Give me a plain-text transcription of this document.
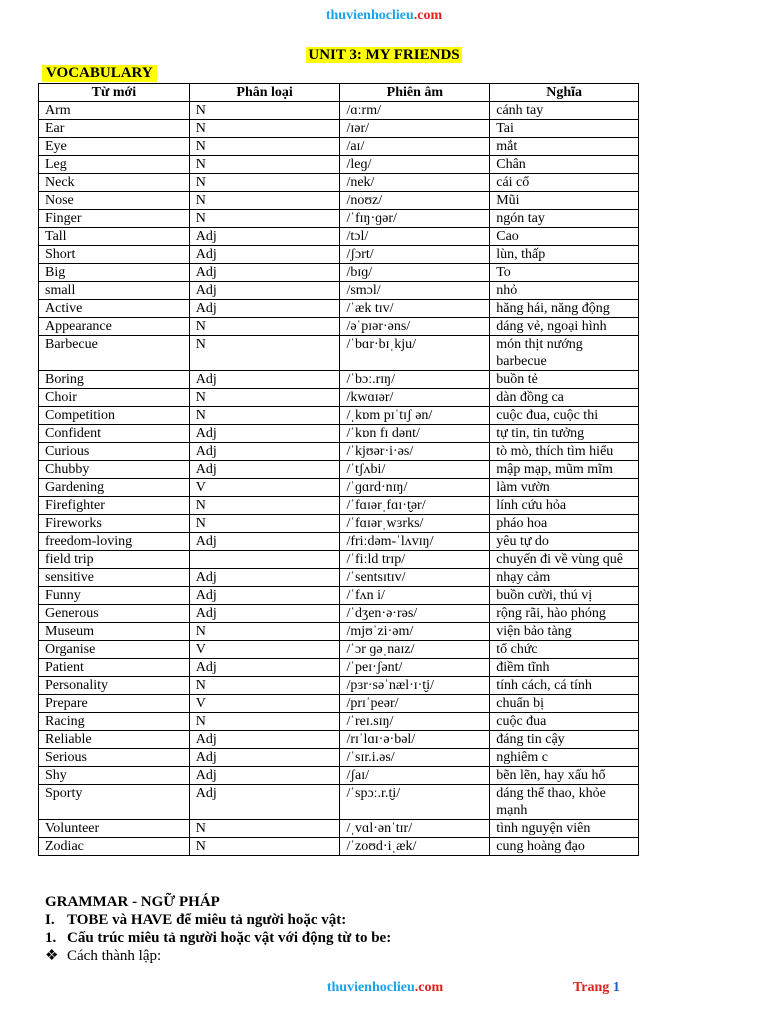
thuvienhoclieu.com
UNIT 3: MY FRIENDS
VOCABULARY
Từ mới	Phân loại	Phiên âm	Nghĩa
Arm	N	/ɑːrm/	cánh tay
Ear	N	/ɪər/	Tai
Eye	N	/aɪ/	mắt
Leg	N	/leɡ/	Chân
Neck	N	/nek/	cái cổ
Nose	N	/noʊz/	Mũi
Finger	N	/ˈfɪŋ·ɡər/	ngón tay
Tall	Adj	/tɔl/	Cao
Short	Adj	/ʃɔrt/	lùn, thấp
Big	Adj	/bɪɡ/	To
small	Adj	/smɔl/	nhỏ
Active	Adj	/ˈæk tɪv/	hăng hái, năng động
Appearance	N	/əˈpɪər·əns/	dáng vẻ, ngoại hình
Barbecue	N	/ˈbɑr·bɪˌkju/	món thịt nướng barbecue
Boring	Adj	/ˈbɔː.rɪŋ/	buồn tẻ
Choir	N	/kwɑɪər/	dàn đồng ca
Competition	N	/ˌkɒm pɪˈtɪʃ ən/	cuộc đua, cuộc thi
Confident	Adj	/ˈkɒn fɪ dənt/	tự tin, tin tưởng
Curious	Adj	/ˈkjʊər·i·əs/	tò mò, thích tìm hiểu
Chubby	Adj	/ˈtʃʌbi/	mập mạp, mũm mĩm
Gardening	V	/ˈɡɑrd·nɪŋ/	làm vườn
Firefighter	N	/ˈfɑɪərˌfɑɪ·t̬ər/	lính cứu hỏa
Fireworks	N	/ˈfɑɪərˌwɜrks/	pháo hoa
freedom-loving	Adj	/friːdəm-ˈlʌvɪŋ/	yêu tự do
field trip		/ˈfiːld trɪp/	chuyến đi về vùng quê
sensitive	Adj	/ˈsentsɪtɪv/	nhạy cảm
Funny	Adj	/ˈfʌn i/	buồn cười, thú vị
Generous	Adj	/ˈdʒen·ə·rəs/	rộng rãi, hào phóng
Museum	N	/mjʊˈzi·əm/	viện bảo tàng
Organise	V	/ˈɔr ɡəˌnaɪz/	tổ chức
Patient	Adj	/ˈpeɪ·ʃənt/	điềm tĩnh
Personality	N	/pɜr·səˈnæl·ɪ·t̬i/	tính cách, cá tính
Prepare	V	/prɪˈpeər/	chuẩn bị
Racing	N	/ˈreɪ.sɪŋ/	cuộc đua
Reliable	Adj	/rɪˈlɑɪ·ə·bəl/	đáng tin cậy
Serious	Adj	/ˈsɪr.i.əs/	nghiêm c
Shy	Adj	/ʃaɪ/	bẽn lẽn, hay xấu hổ
Sporty	Adj	/ˈspɔː.r.t̬i/	dáng thể thao, khỏe mạnh
Volunteer	N	/ˌvɑl·ənˈtɪr/	tình nguyện viên
Zodiac	N	/ˈzoʊd·iˌæk/	cung hoàng đạo
GRAMMAR - NGỮ PHÁP
I. TOBE và HAVE để miêu tả người hoặc vật:
1. Cấu trúc miêu tả người hoặc vật với động từ to be:
❖ Cách thành lập:
thuvienhoclieu.com	Trang 1
